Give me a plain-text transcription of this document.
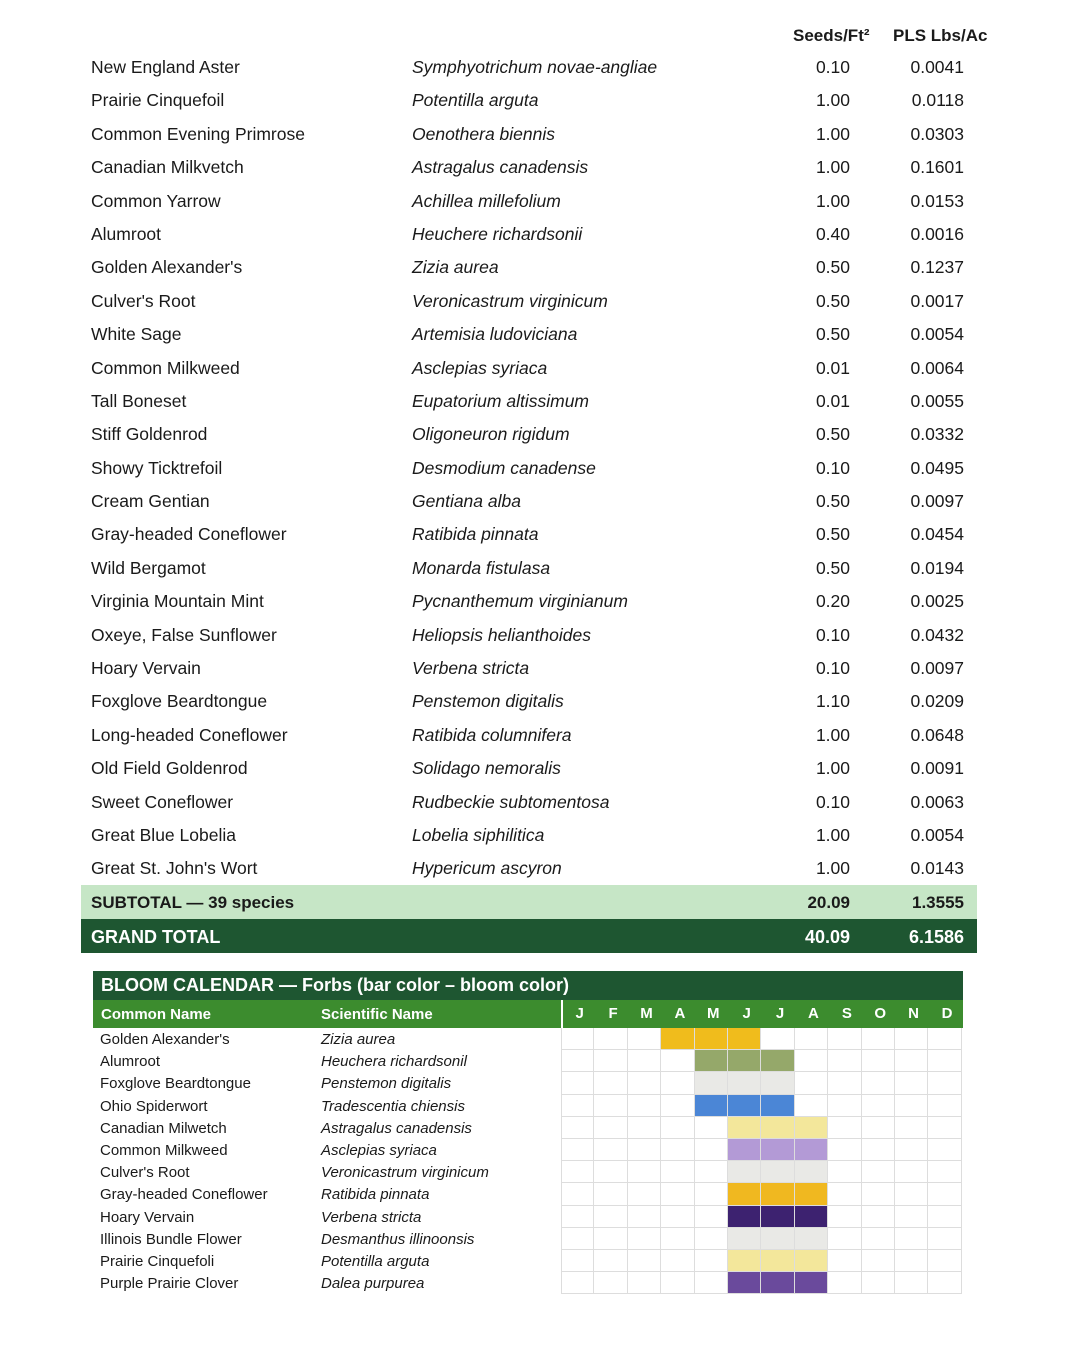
Seeds/Ft² PLS Lbs/Ac
New England Aster	Symphyotrichum novae-angliae	0.10	0.0041
Prairie Cinquefoil	Potentilla arguta	1.00	0.0118
Common Evening Primrose	Oenothera biennis	1.00	0.0303
Canadian Milkvetch	Astragalus canadensis	1.00	0.1601
Common Yarrow	Achillea millefolium	1.00	0.0153
Alumroot	Heuchere richardsonii	0.40	0.0016
Golden Alexander's	Zizia aurea	0.50	0.1237
Culver's Root	Veronicastrum virginicum	0.50	0.0017
White Sage	Artemisia ludoviciana	0.50	0.0054
Common Milkweed	Asclepias syriaca	0.01	0.0064
Tall Boneset	Eupatorium altissimum	0.01	0.0055
Stiff Goldenrod	Oligoneuron rigidum	0.50	0.0332
Showy Ticktrefoil	Desmodium canadense	0.10	0.0495
Cream Gentian	Gentiana alba	0.50	0.0097
Gray-headed Coneflower	Ratibida pinnata	0.50	0.0454
Wild Bergamot	Monarda fistulasa	0.50	0.0194
Virginia Mountain Mint	Pycnanthemum virginianum	0.20	0.0025
Oxeye, False Sunflower	Heliopsis helianthoides	0.10	0.0432
Hoary Vervain	Verbena stricta	0.10	0.0097
Foxglove Beardtongue	Penstemon digitalis	1.10	0.0209
Long-headed Coneflower	Ratibida columnifera	1.00	0.0648
Old Field Goldenrod	Solidago nemoralis	1.00	0.0091
Sweet Coneflower	Rudbeckie subtomentosa	0.10	0.0063
Great Blue Lobelia	Lobelia siphilitica	1.00	0.0054
Great St. John's Wort	Hypericum ascyron	1.00	0.0143
SUBTOTAL — 39 species	20.09	1.3555
GRAND TOTAL	40.09	6.1586
BLOOM CALENDAR — Forbs (bar color – bloom color)
Common Name	Scientific Name	J	F	M	A	M	J	J	A	S	O	N	D
Golden Alexander's	Zizia aurea
Alumroot	Heuchera richardsonil
Foxglove Beardtongue	Penstemon digitalis
Ohio Spiderwort	Tradescentia chiensis
Canadian Milwetch	Astragalus canadensis
Common Milkweed	Asclepias syriaca
Culver's Root	Veronicastrum virginicum
Gray-headed Coneflower	Ratibida pinnata
Hoary Vervain	Verbena stricta
Illinois Bundle Flower	Desmanthus illinoonsis
Prairie Cinquefoli	Potentilla arguta
Purple Prairie Clover	Dalea purpurea
